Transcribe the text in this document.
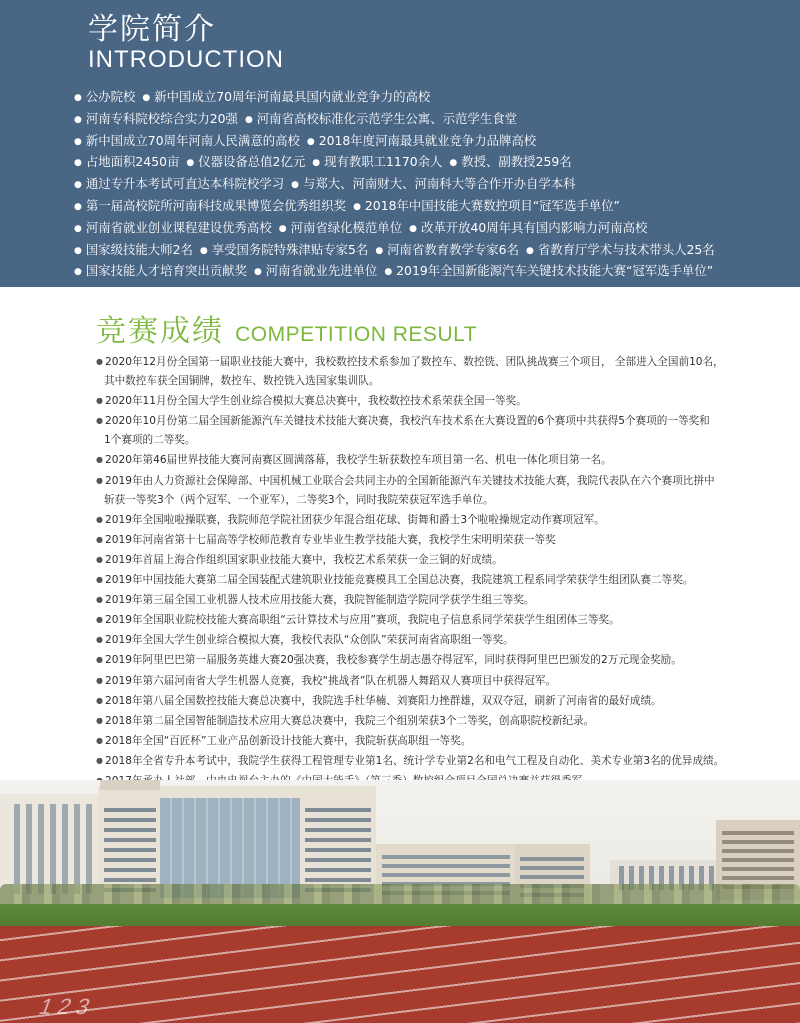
学院简介
INTRODUCTION
● 公办院校 ● 新中国成立70周年河南最具国内就业竞争力的高校
● 河南专科院校综合实力20强 ● 河南省高校标准化示范学生公寓、示范学生食堂
● 新中国成立70周年河南人民满意的高校 ● 2018年度河南最具就业竞争力品牌高校
● 占地面积2450亩 ● 仪器设备总值2亿元 ● 现有教职工1170余人 ● 教授、副教授259名
● 通过专升本考试可直达本科院校学习 ● 与郑大、河南财大、河南科大等合作开办自学本科
● 第一届高校院所河南科技成果博览会优秀组织奖 ● 2018年中国技能大赛数控项目“冠军选手单位”
● 河南省就业创业课程建设优秀高校 ● 河南省绿化模范单位 ● 改革开放40周年具有国内影响力河南高校
● 国家级技能大师2名 ● 享受国务院特殊津贴专家5名 ● 河南省教育教学专家6名 ● 省教育厅学术与技术带头人25名
● 国家技能人才培育突出贡献奖 ● 河南省就业先进单位 ● 2019年全国新能源汽车关键技术技能大赛“冠军选手单位”
竞赛成绩 COMPETITION RESULT
● 2020年12月份全国第一届职业技能大赛中，我校数控技术系参加了数控车、数控铣、团队挑战赛三个项目， 全部进入全国前10名，
其中数控车获全国铜牌，数控车、数控铣入选国家集训队。
● 2020年11月份全国大学生创业综合模拟大赛总决赛中，我校数控技术系荣获全国一等奖。
● 2020年10月份第二届全国新能源汽车关键技术技能大赛决赛，我校汽车技术系在大赛设置的6个赛项中共获得5个赛项的一等奖和
1个赛项的二等奖。
● 2020年第46届世界技能大赛河南赛区圆满落幕，我校学生斩获数控车项目第一名、机电一体化项目第一名。
● 2019年由人力资源社会保障部、中国机械工业联合会共同主办的全国新能源汽车关键技术技能大赛，我院代表队在六个赛项比拼中
斩获一等奖3个（两个冠军、一个亚军），二等奖3个，同时我院荣获冠军选手单位。
● 2019年全国啦啦操联赛，我院师范学院社团获少年混合组花球、街舞和爵士3个啦啦操规定动作赛项冠军。
● 2019年河南省第十七届高等学校师范教育专业毕业生教学技能大赛，我校学生宋明明荣获一等奖
● 2019年首届上海合作组织国家职业技能大赛中，我校艺术系荣获一金三铜的好成绩。
● 2019年中国技能大赛第二届全国装配式建筑职业技能竞赛模具工全国总决赛，我院建筑工程系同学荣获学生组团队赛二等奖。
● 2019年第三届全国工业机器人技术应用技能大赛，我院智能制造学院同学获学生组三等奖。
● 2019年全国职业院校技能大赛高职组“云计算技术与应用”赛项，我院电子信息系同学荣获学生组团体三等奖。
● 2019年全国大学生创业综合模拟大赛，我校代表队“众创队”荣获河南省高职组一等奖。
● 2019年阿里巴巴第一届服务英雄大赛20强决赛，我校参赛学生胡志愚夺得冠军，同时获得阿里巴巴颁发的2万元现金奖励。
● 2019年第六届河南省大学生机器人竞赛，我校“挑战者”队在机器人舞蹈双人赛项目中获得冠军。
● 2018年第八届全国数控技能大赛总决赛中，我院选手杜华楠、刘赛阳力挫群雄，双双夺冠，刷新了河南省的最好成绩。
● 2018年第二届全国智能制造技术应用大赛总决赛中，我院三个组别荣获3个二等奖，创高职院校新纪录。
● 2018年全国“百匠杯”工业产品创新设计技能大赛中，我院斩获高职组一等奖。
● 2018年全省专升本考试中，我院学生获得工程管理专业第1名、统计学专业第2名和电气工程及自动化、美术专业第3名的优异成绩。
1 2 3
